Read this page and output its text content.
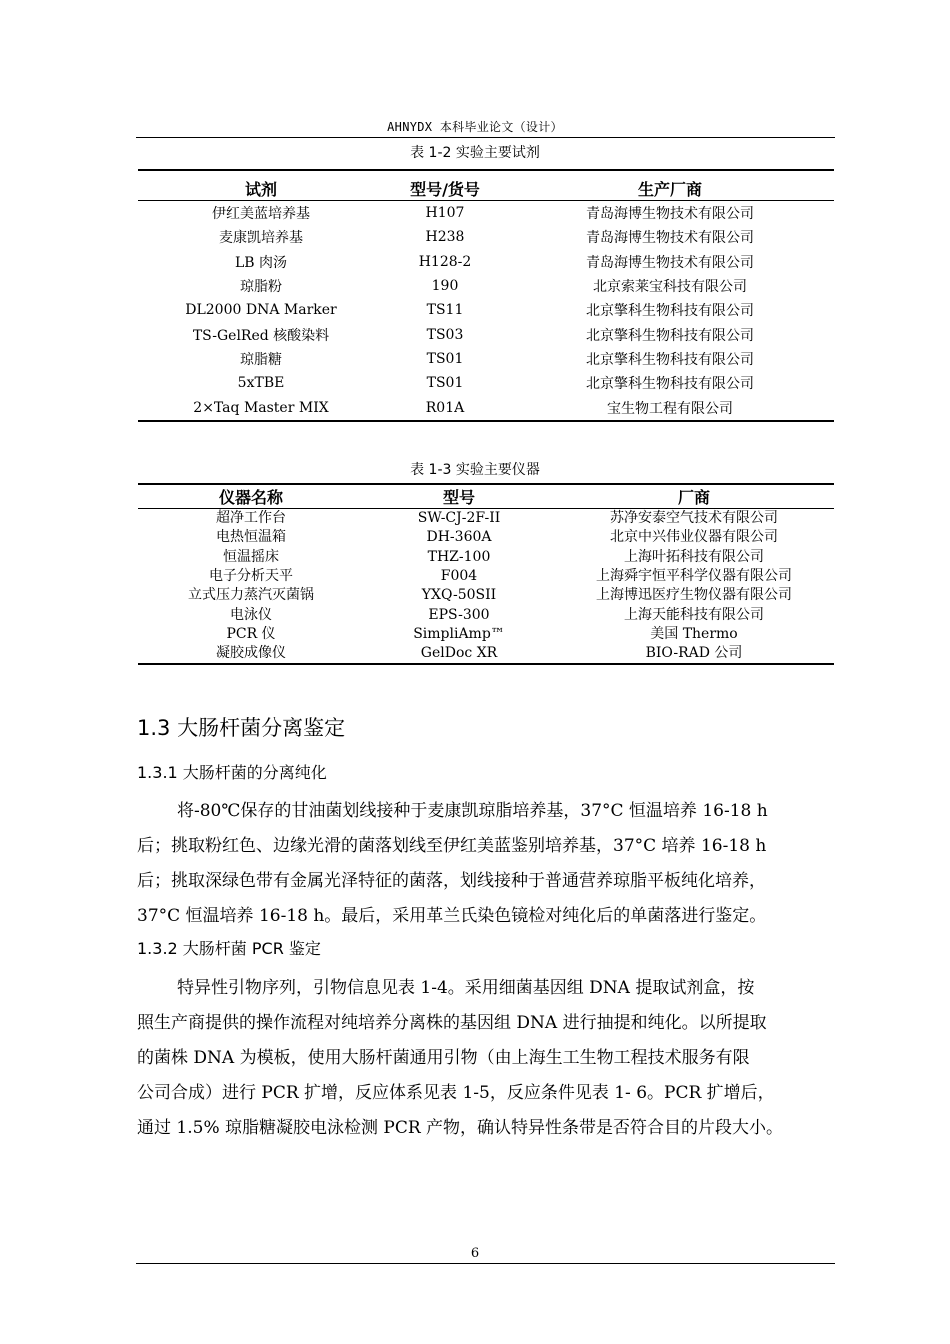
AHNYDX 本科毕业论文（设计）
表 1-2 实验主要试剂
试剂	型号/货号	生产厂商
伊红美蓝培养基	H107	青岛海博生物技术有限公司
麦康凯培养基	H238	青岛海博生物技术有限公司
LB 肉汤	H128-2	青岛海博生物技术有限公司
琼脂粉	190	北京索莱宝科技有限公司
DL2000 DNA Marker	TS11	北京擎科生物科技有限公司
TS-GelRed 核酸染料	TS03	北京擎科生物科技有限公司
琼脂糖	TS01	北京擎科生物科技有限公司
5xTBE	TS01	北京擎科生物科技有限公司
2×Taq Master MIX	R01A	宝生物工程有限公司
表 1-3 实验主要仪器
仪器名称	型号	厂商
超净工作台	SW-CJ-2F-II	苏净安泰空气技术有限公司
电热恒温箱	DH-360A	北京中兴伟业仪器有限公司
恒温摇床	THZ-100	上海叶拓科技有限公司
电子分析天平	F004	上海舜宇恒平科学仪器有限公司
立式压力蒸汽灭菌锅	YXQ-50SII	上海博迅医疗生物仪器有限公司
电泳仪	EPS-300	上海天能科技有限公司
PCR 仪	SimpliAmp™	美国 Thermo
凝胶成像仪	GelDoc XR	BIO-RAD 公司
1.3 大肠杆菌分离鉴定
1.3.1 大肠杆菌的分离纯化
将-80℃保存的甘油菌划线接种于麦康凯琼脂培养基，37°C 恒温培养 16-18 h
后；挑取粉红色、边缘光滑的菌落划线至伊红美蓝鉴别培养基，37°C 培养 16-18 h
后；挑取深绿色带有金属光泽特征的菌落，划线接种于普通营养琼脂平板纯化培养，
37°C 恒温培养 16-18 h。最后，采用革兰氏染色镜检对纯化后的单菌落进行鉴定。
1.3.2 大肠杆菌 PCR 鉴定
特异性引物序列，引物信息见表 1-4。采用细菌基因组 DNA 提取试剂盒，按
照生产商提供的操作流程对纯培养分离株的基因组 DNA 进行抽提和纯化。以所提取
的菌株 DNA 为模板，使用大肠杆菌通用引物（由上海生工生物工程技术服务有限
公司合成）进行 PCR 扩增，反应体系见表 1-5，反应条件见表 1- 6。PCR 扩增后，
通过 1.5% 琼脂糖凝胶电泳检测 PCR 产物，确认特异性条带是否符合目的片段大小。
6
